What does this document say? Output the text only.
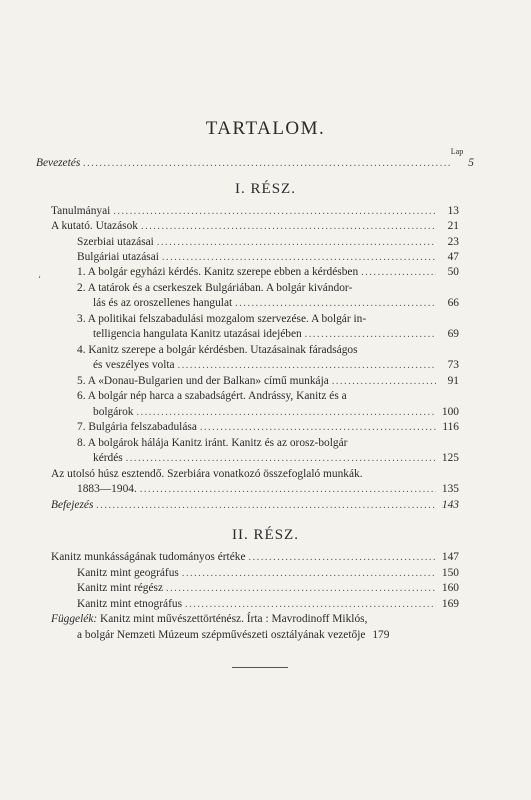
TARTALOM.
Lap
Bevezetés .....	5
I. RÉSZ.
Tanulmányai .....	13
A kutató. Utazások .....	21
Szerbiai utazásai .....	23
Bulgáriai utazásai .....	47
1. A bolgár egyházi kérdés. Kanitz szerepe ebben a kérdésben .....	50
‘
2. A tatárok és a cserkeszek Bulgáriában. A bolgár kivándor-
lás és az oroszellenes hangulat .....	66
3. A politikai felszabadulási mozgalom szervezése. A bolgár in-
telligencia hangulata Kanitz utazásai idejében .....	69
4. Kanitz szerepe a bolgár kérdésben. Utazásainak fáradságos
és veszélyes volta .....	73
5. A «Donau-Bulgarien und der Balkan» című munkája .....	91
6. A bolgár nép harca a szabadságért. Andrássy, Kanitz és a
bolgárok .....	100
7. Bulgária felszabadulása .....	116
8. A bolgárok hálája Kanitz iránt. Kanitz és az orosz-bolgár
kérdés .....	125
Az utolsó húsz esztendő. Szerbiára vonatkozó összefoglaló munkák.
1883—1904. .....	135
Befejezés .....	143
II. RÉSZ.
Kanitz munkásságának tudományos értéke .....	147
Kanitz mint geográfus .....	150
Kanitz mint régész .....	160
Kanitz mint etnográfus .....	169
Függelék: Kanitz mint művészettörténész. Írta : Mavrodinoff Miklós,
a bolgár Nemzeti Múzeum szépművészeti osztályának vezetője 179
